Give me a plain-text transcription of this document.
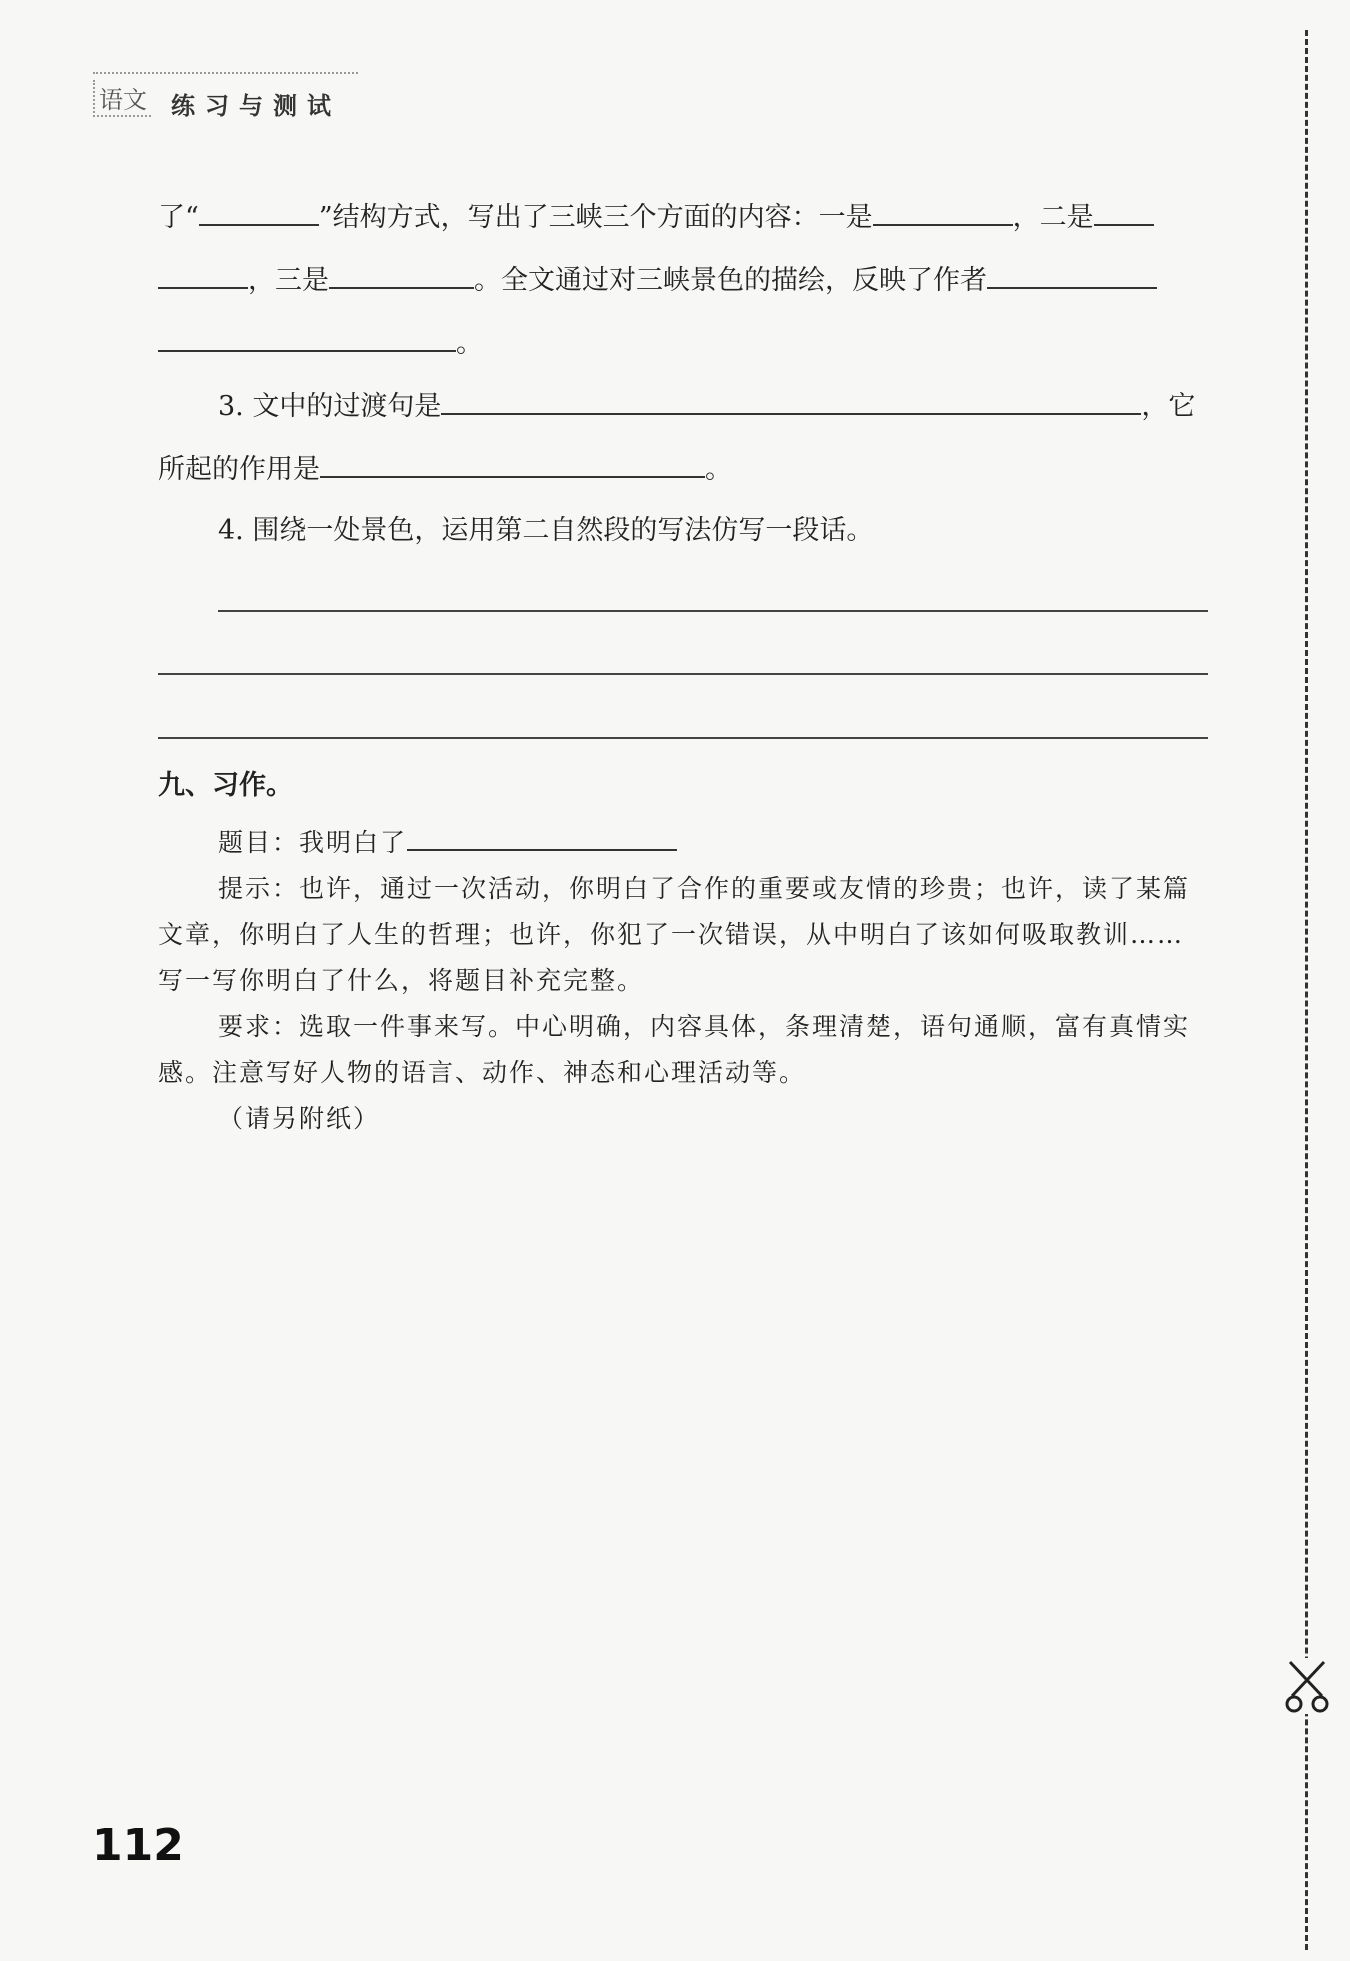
语文 练习与测试
了“	”结构方式，写出了三峡三个方面的内容：一是	，二是
，三是	。全文通过对三峡景色的描绘，反映了作者
。
3. 文中的过渡句是	，它
所起的作用是	。
4. 围绕一处景色，运用第二自然段的写法仿写一段话。
九、习作。
题目：我明白了
提示：也许，通过一次活动，你明白了合作的重要或友情的珍贵；也许，读了某篇文章，你明白了人生的哲理；也许，你犯了一次错误，从中明白了该如何吸取教训……写一写你明白了什么，将题目补充完整。
要求：选取一件事来写。中心明确，内容具体，条理清楚，语句通顺，富有真情实感。注意写好人物的语言、动作、神态和心理活动等。
（请另附纸）
112
